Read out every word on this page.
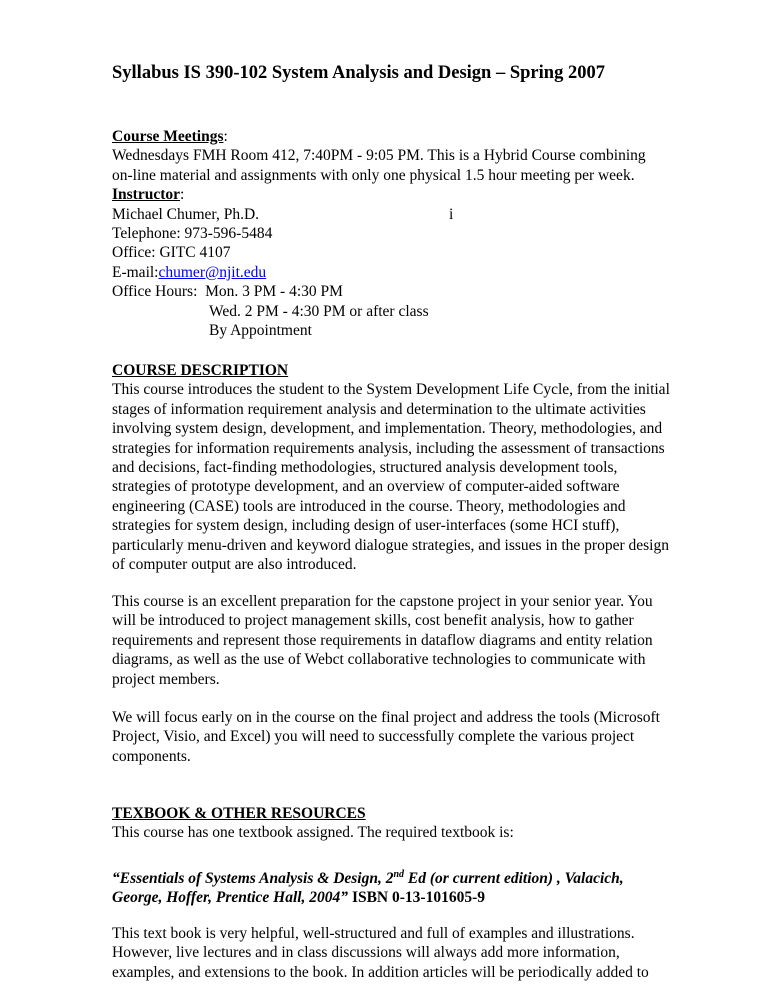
Syllabus IS 390-102 System Analysis and Design – Spring 2007
Course Meetings:
Wednesdays FMH Room 412, 7:40PM - 9:05 PM. This is a Hybrid Course combining
on-line material and assignments with only one physical 1.5 hour meeting per week.
Instructor:
Michael Chumer, Ph.D.	i
Telephone: 973-596-5484
Office: GITC 4107
E-mail:chumer@njit.edu
Office Hours: Mon. 3 PM - 4:30 PM
Wed. 2 PM - 4:30 PM or after class
By Appointment
COURSE DESCRIPTION
This course introduces the student to the System Development Life Cycle, from the initial
stages of information requirement analysis and determination to the ultimate activities
involving system design, development, and implementation. Theory, methodologies, and
strategies for information requirements analysis, including the assessment of transactions
and decisions, fact-finding methodologies, structured analysis development tools,
strategies of prototype development, and an overview of computer-aided software
engineering (CASE) tools are introduced in the course. Theory, methodologies and
strategies for system design, including design of user-interfaces (some HCI stuff),
particularly menu-driven and keyword dialogue strategies, and issues in the proper design
of computer output are also introduced.
This course is an excellent preparation for the capstone project in your senior year. You
will be introduced to project management skills, cost benefit analysis, how to gather
requirements and represent those requirements in dataflow diagrams and entity relation
diagrams, as well as the use of Webct collaborative technologies to communicate with
project members.
We will focus early on in the course on the final project and address the tools (Microsoft
Project, Visio, and Excel) you will need to successfully complete the various project
components.
TEXBOOK & OTHER RESOURCES
This course has one textbook assigned. The required textbook is:
“Essentials of Systems Analysis & Design, 2nd Ed (or current edition) , Valacich,
George, Hoffer, Prentice Hall, 2004” ISBN 0-13-101605-9
This text book is very helpful, well-structured and full of examples and illustrations.
However, live lectures and in class discussions will always add more information,
examples, and extensions to the book. In addition articles will be periodically added to
